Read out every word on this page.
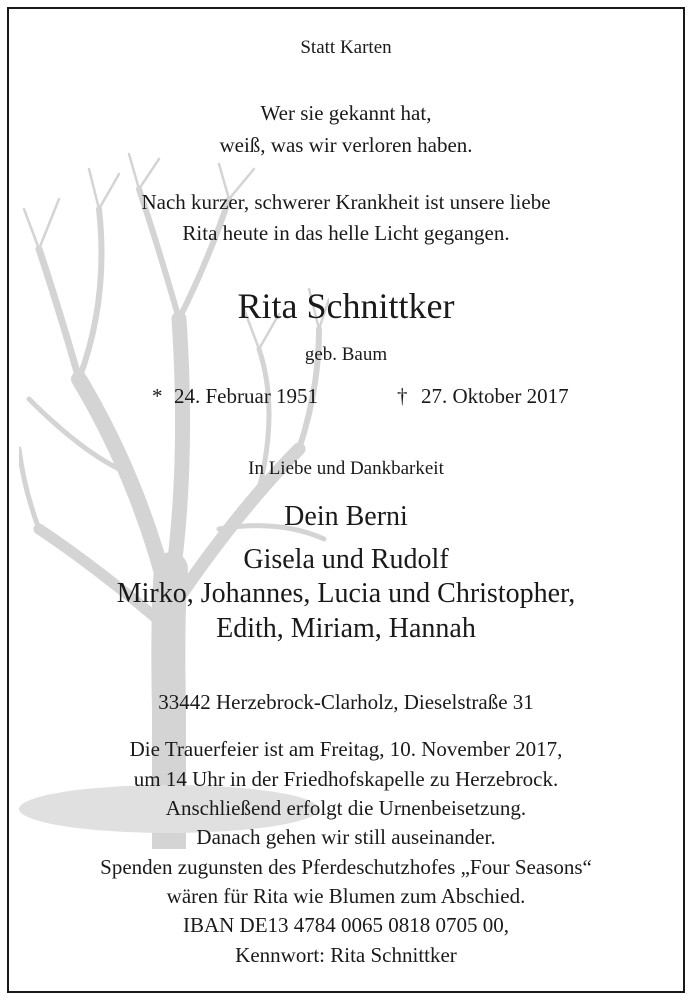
Statt Karten
Wer sie gekannt hat,
weiß, was wir verloren haben.
Nach kurzer, schwerer Krankheit ist unsere liebe
Rita heute in das helle Licht gegangen.
Rita Schnittker
geb. Baum
* 24. Februar 1951	† 27. Oktober 2017
In Liebe und Dankbarkeit
Dein Berni
Gisela und Rudolf
Mirko, Johannes, Lucia und Christopher,
Edith, Miriam, Hannah
33442 Herzebrock-Clarholz, Dieselstraße 31
Die Trauerfeier ist am Freitag, 10. November 2017,
um 14 Uhr in der Friedhofskapelle zu Herzebrock.
Anschließend erfolgt die Urnenbeisetzung.
Danach gehen wir still auseinander.
Spenden zugunsten des Pferdeschutzhofes „Four Seasons“
wären für Rita wie Blumen zum Abschied.
IBAN DE13 4784 0065 0818 0705 00,
Kennwort: Rita Schnittker
